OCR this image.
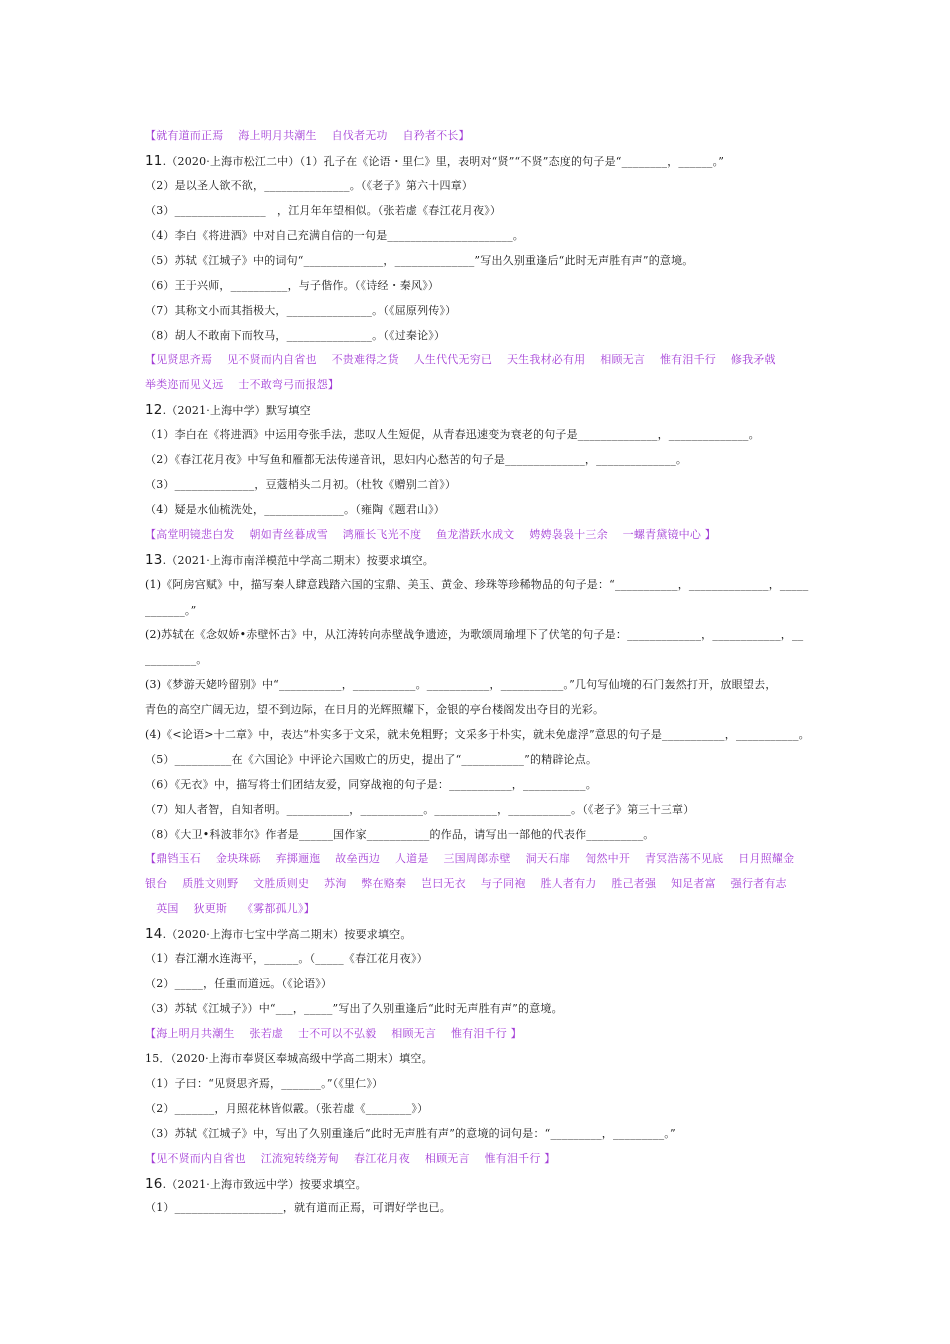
【就有道而正焉　 海上明月共潮生　 自伐者无功　 自矜者不长】
11.（2020·上海市松江二中）（1）孔子在《论语・里仁》里，表明对“贤”“不贤”态度的句子是“________，______。”
（2）是以圣人欲不欲，_______________。（《老子》第六十四章）
（3）________________　，江月年年望相似。（张若虚《春江花月夜》）
（4）李白《将进酒》中对自己充满自信的一句是______________________。
（5）苏轼《江城子》中的词句“______________，______________”写出久别重逢后“此时无声胜有声”的意境。
（6）王于兴师，__________，与子偕作。（《诗经・秦风》）
（7）其称文小而其指极大，_______________。（《屈原列传》）
（8）胡人不敢南下而牧马，_______________。（《过秦论》）
【见贤思齐焉　 见不贤而内自省也　 不贵难得之货　 人生代代无穷已　 天生我材必有用　 相顾无言　 惟有泪千行　 修我矛戟
举类迩而见义远　 士不敢弯弓而报怨】
12.（2021·上海中学）默写填空
（1）李白在《将进酒》中运用夸张手法，悲叹人生短促，从青春迅速变为衰老的句子是______________，______________。
（2）《春江花月夜》中写鱼和雁都无法传递音讯，思妇内心愁苦的句子是______________，______________。
（3）______________，豆蔻梢头二月初。（杜牧《赠别二首》）
（4）疑是水仙梳洗处，______________。（雍陶《题君山》）
【高堂明镜悲白发　 朝如青丝暮成雪　 鸿雁长飞光不度　 鱼龙潜跃水成文　 娉娉袅袅十三余　 一螺青黛镜中心 】
13.（2021·上海市南洋模范中学高二期末）按要求填空。
(1)《阿房宫赋》中，描写秦人肆意践踏六国的宝鼎、美玉、黄金、珍珠等珍稀物品的句子是：“___________，______________，_____
_______。”
(2)苏轼在《念奴娇•赤壁怀古》中，从江涛转向赤壁战争遗迹，为歌颂周瑜埋下了伏笔的句子是：_____________，____________，__
_________。
(3)《梦游天姥吟留别》中“___________，___________。___________，___________。”几句写仙境的石门轰然打开，放眼望去，
青色的高空广阔无边，望不到边际，在日月的光辉照耀下，金银的亭台楼阁发出夺目的光彩。
(4)《<论语>十二章》中，表达“朴实多于文采，就未免粗野；文采多于朴实，就未免虚浮”意思的句子是___________，___________。
（5）__________在《六国论》中评论六国败亡的历史，提出了“___________”的精辟论点。
（6）《无衣》中，描写将士们团结友爱，同穿战袍的句子是：___________，___________。
（7）知人者智，自知者明。___________，___________。___________，___________。（《老子》第三十三章）
（8）《大卫•科波菲尔》作者是______国作家___________的作品，请写出一部他的代表作__________。
【鼎铛玉石　 金块珠砾　 弃掷逦迤　 故垒西边　 人道是　 三国周郎赤壁　 洞天石扉　 訇然中开　 青冥浩荡不见底　 日月照耀金
银台　 质胜文则野　 文胜质则史　 苏洵　 弊在赂秦　 岂曰无衣　 与子同袍　 胜人者有力　 胜己者强　 知足者富　 强行者有志
　英国　 狄更斯　 《雾都孤儿》】
14.（2020·上海市七宝中学高二期末）按要求填空。
（1）春江潮水连海平，______。（_____《春江花月夜》）
（2）_____，任重而道远。（《论语》）
（3）苏轼《江城子》）中“___，_____”写出了久别重逢后“此时无声胜有声”的意境。
【海上明月共潮生　 张若虚　 士不可以不弘毅　 相顾无言　 惟有泪千行 】
15．（2020·上海市奉贤区奉城高级中学高二期末）填空。
（1）子曰：“见贤思齐焉，_______。”（《里仁》）
（2）_______，月照花林皆似霰。（张若虚《________》）
（3）苏轼《江城子》中，写出了久别重逢后“此时无声胜有声”的意境的词句是：“_________，_________。”
【见不贤而内自省也　 江流宛转绕芳甸　 春江花月夜　 相顾无言　 惟有泪千行 】
16.（2021·上海市致远中学）按要求填空。
（1）___________________，就有道而正焉，可谓好学也已。
